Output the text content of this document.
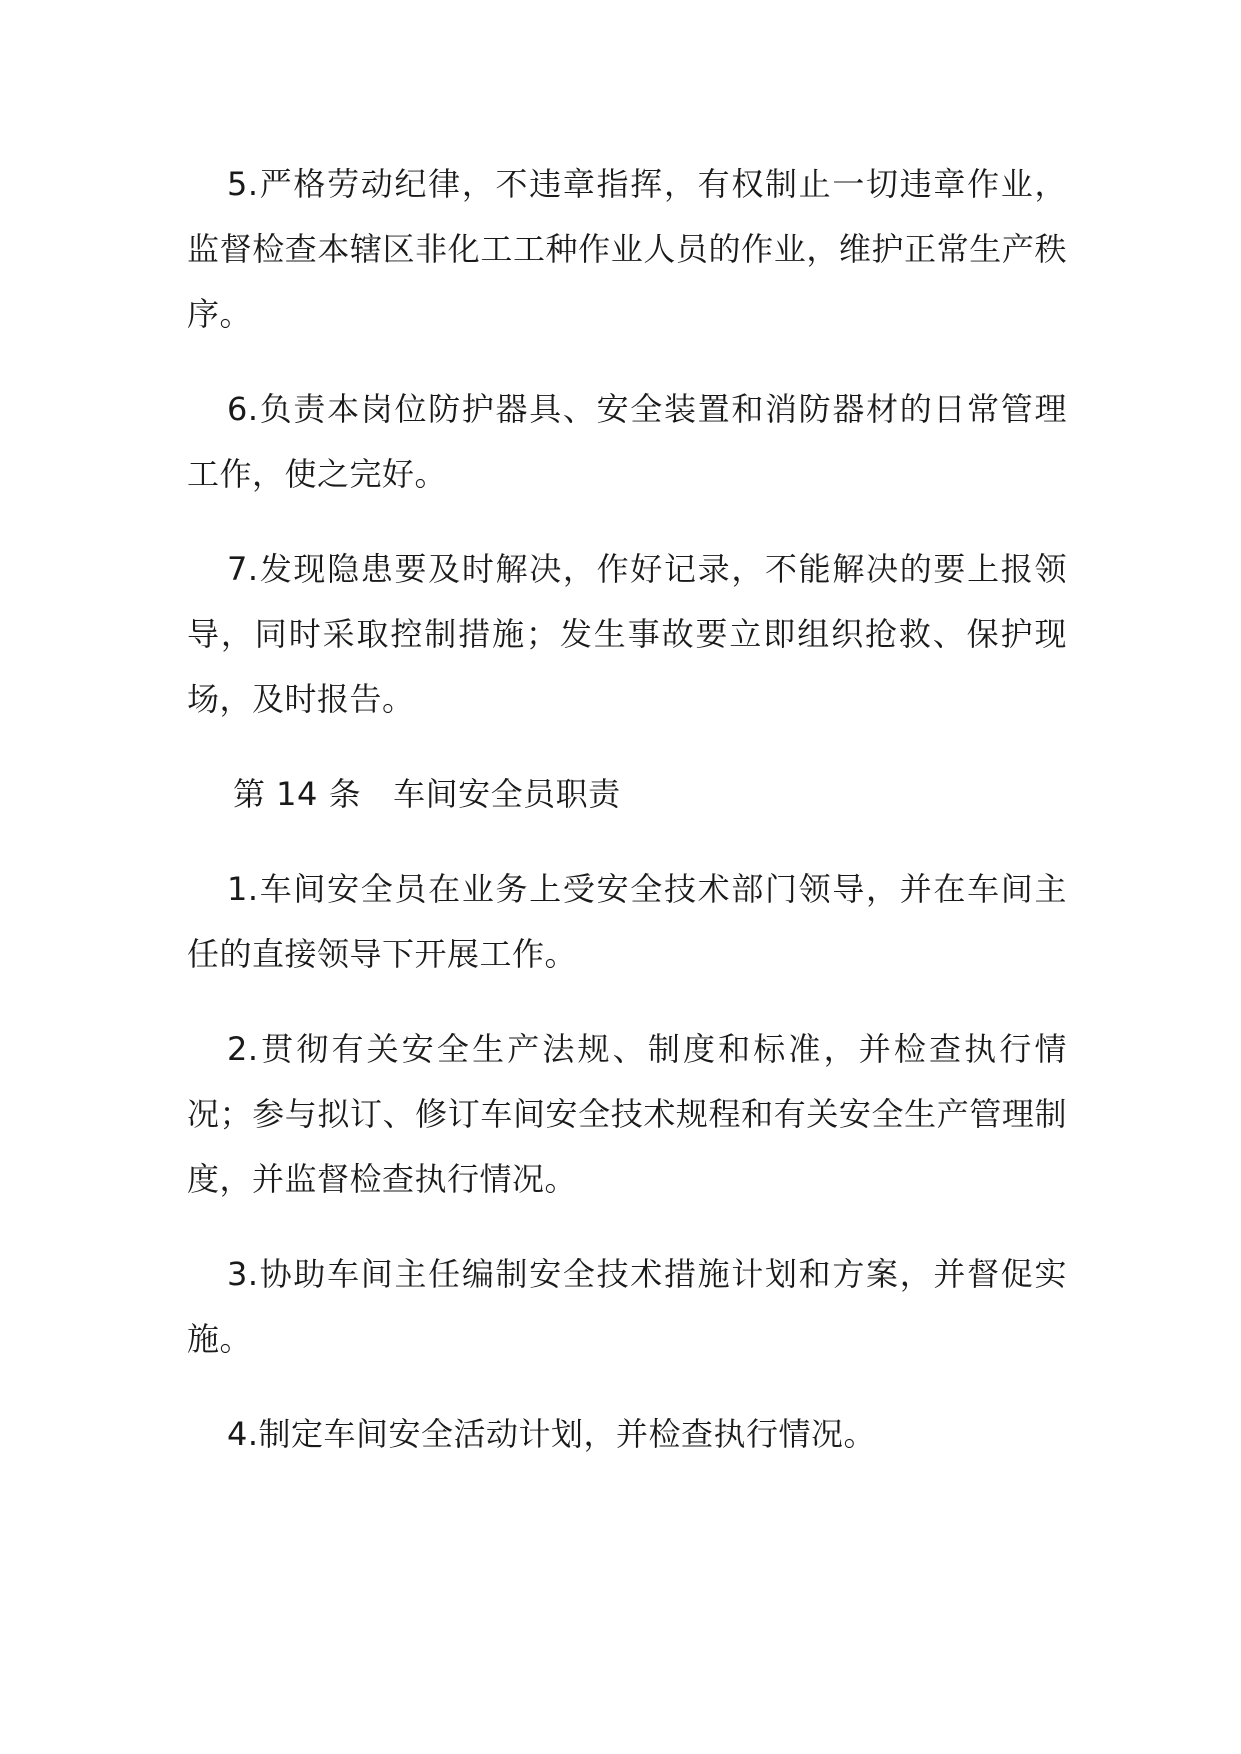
5.严格劳动纪律，不违章指挥，有权制止一切违章作业，监督检查本辖区非化工工种作业人员的作业，维护正常生产秩序。

6.负责本岗位防护器具、安全装置和消防器材的日常管理工作，使之完好。

7.发现隐患要及时解决，作好记录，不能解决的要上报领导，同时采取控制措施；发生事故要立即组织抢救、保护现场，及时报告。

第 14 条 车间安全员职责

1.车间安全员在业务上受安全技术部门领导，并在车间主任的直接领导下开展工作。

2.贯彻有关安全生产法规、制度和标准，并检查执行情况；参与拟订、修订车间安全技术规程和有关安全生产管理制度，并监督检查执行情况。

3.协助车间主任编制安全技术措施计划和方案，并督促实施。

4.制定车间安全活动计划，并检查执行情况。
